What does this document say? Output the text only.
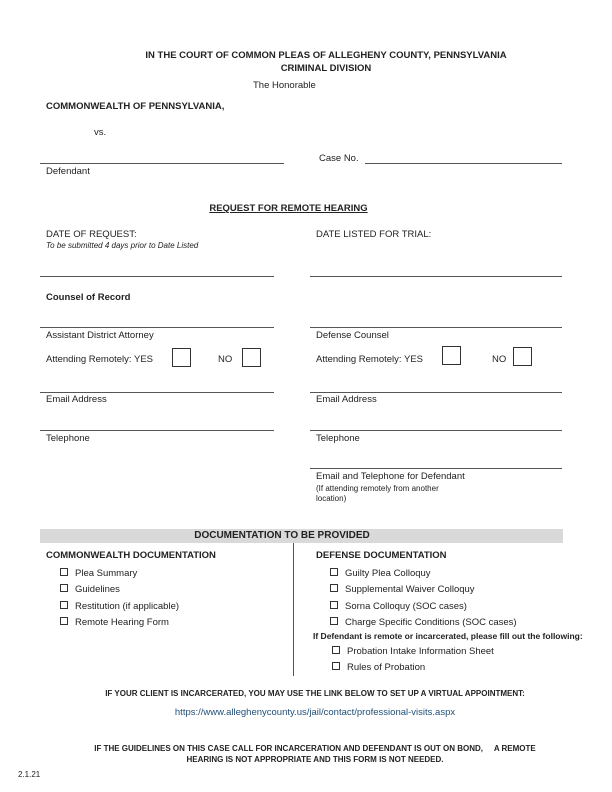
IN THE COURT OF COMMON PLEAS OF ALLEGHENY COUNTY, PENNSYLVANIA
CRIMINAL DIVISION
The Honorable
COMMONWEALTH OF PENNSYLVANIA,
vs.
Defendant
Case No.
REQUEST FOR REMOTE HEARING
DATE OF REQUEST:
To be submitted 4 days prior to Date Listed
DATE LISTED FOR TRIAL:
Counsel of Record
Assistant District Attorney	Defense Counsel
Attending Remotely: YES	NO	Attending Remotely: YES	NO
Email Address	Email Address
Telephone	Telephone
Email and Telephone for Defendant
(If attending remotely from another
location)
DOCUMENTATION TO BE PROVIDED
COMMONWEALTH DOCUMENTATION
Plea Summary
Guidelines
Restitution (if applicable)
Remote Hearing Form
DEFENSE DOCUMENTATION
Guilty Plea Colloquy
Supplemental Waiver Colloquy
Sorna Colloquy (SOC cases)
Charge Specific Conditions (SOC cases)
If Defendant is remote or incarcerated, please fill out the following:
Probation Intake Information Sheet
Rules of Probation
IF YOUR CLIENT IS INCARCERATED, YOU MAY USE THE LINK BELOW TO SET UP A VIRTUAL APPOINTMENT:
https://www.alleghenycounty.us/jail/contact/professional-visits.aspx
IF THE GUIDELINES ON THIS CASE CALL FOR INCARCERATION AND DEFENDANT IS OUT ON BOND,     A REMOTE
HEARING IS NOT APPROPRIATE AND THIS FORM IS NOT NEEDED.
2.1.21
